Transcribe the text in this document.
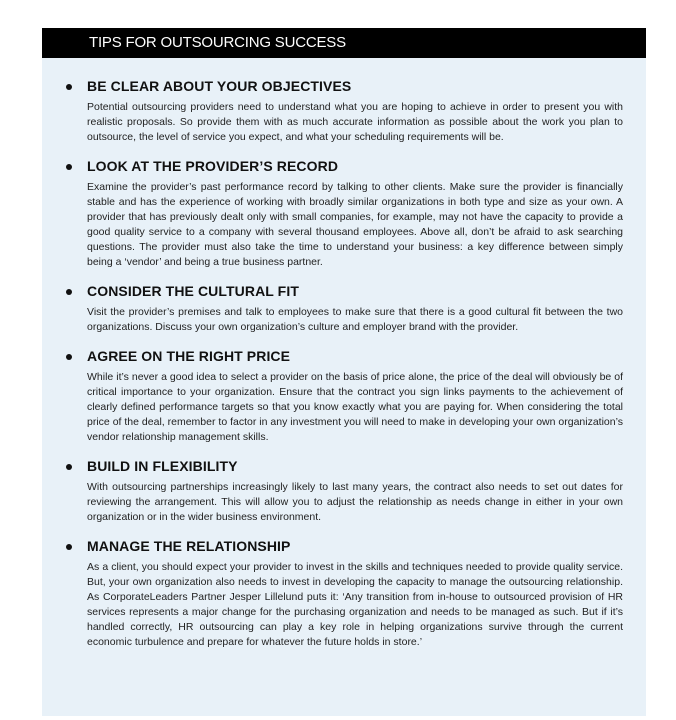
TIPS FOR OUTSOURCING SUCCESS
BE CLEAR ABOUT YOUR OBJECTIVES
Potential outsourcing providers need to understand what you are hoping to achieve in order to present you with realistic proposals. So provide them with as much accurate information as possible about the work you plan to outsource, the level of service you expect, and what your scheduling requirements will be.
LOOK AT THE PROVIDER’S RECORD
Examine the provider’s past performance record by talking to other clients. Make sure the provider is financially stable and has the experience of working with broadly similar organizations in both type and size as your own. A provider that has previously dealt only with small companies, for example, may not have the capacity to provide a good quality service to a company with several thousand employees. Above all, don’t be afraid to ask searching questions. The provider must also take the time to understand your business: a key difference between simply being a ‘vendor’ and being a true business partner.
CONSIDER THE CULTURAL FIT
Visit the provider’s premises and talk to employees to make sure that there is a good cultural fit between the two organizations. Discuss your own organization’s culture and employer brand with the provider.
AGREE ON THE RIGHT PRICE
While it’s never a good idea to select a provider on the basis of price alone, the price of the deal will obviously be of critical importance to your organization. Ensure that the contract you sign links payments to the achievement of clearly defined performance targets so that you know exactly what you are paying for. When considering the total price of the deal, remember to factor in any investment you will need to make in developing your own organization’s vendor relationship management skills.
BUILD IN FLEXIBILITY
With outsourcing partnerships increasingly likely to last many years, the contract also needs to set out dates for reviewing the arrangement. This will allow you to adjust the relationship as needs change in either in your own organization or in the wider business environment.
MANAGE THE RELATIONSHIP
As a client, you should expect your provider to invest in the skills and techniques needed to provide quality service. But, your own organization also needs to invest in developing the capacity to manage the outsourcing relationship. As CorporateLeaders Partner Jesper Lillelund puts it: ‘Any transition from in-house to outsourced provision of HR services represents a major change for the purchasing organization and needs to be managed as such. But if it’s handled correctly, HR outsourcing can play a key role in helping organizations survive through the current economic turbulence and prepare for whatever the future holds in store.’
